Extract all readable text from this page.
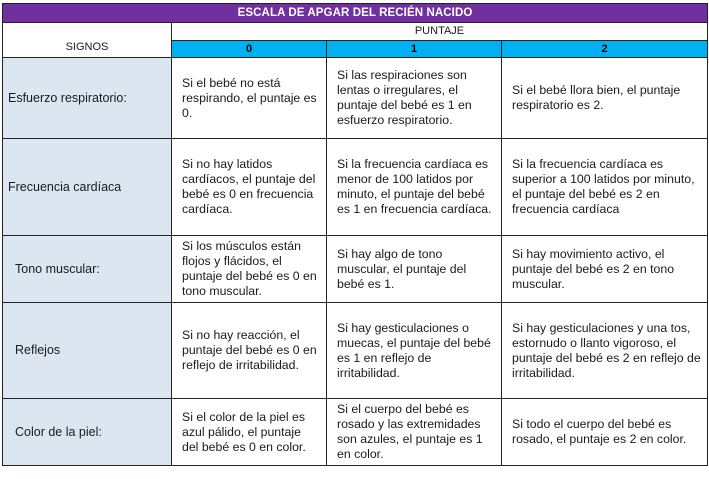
ESCALA DE APGAR DEL RECIÉN NACIDO			
SIGNOS	PUNTAJE		
	0	1	2
Esfuerzo respiratorio:	Si el bebé no está respirando, el puntaje es 0.	Si las respiraciones son lentas o irregulares, el puntaje del bebé es 1 en esfuerzo respiratorio.	Si el bebé llora bien, el puntaje respiratorio es 2.
Frecuencia cardíaca	Si no hay latidos cardíacos, el puntaje del bebé es 0 en frecuencia cardíaca.	Si la frecuencia cardíaca es menor de 100 latidos por minuto, el puntaje del bebé es 1 en frecuencia cardíaca.	Si la frecuencia cardíaca es superior a 100 latidos por minuto, el puntaje del bebé es 2 en frecuencia cardíaca
Tono muscular:	Si los músculos están flojos y flácidos, el puntaje del bebé es 0 en tono muscular.	Si hay algo de tono muscular, el puntaje del bebé es 1.	Si hay movimiento activo, el puntaje del bebé es 2 en tono muscular.
Reflejos	Si no hay reacción, el puntaje del bebé es 0 en reflejo de irritabilidad.	Si hay gesticulaciones o muecas, el puntaje del bebé es 1 en reflejo de irritabilidad.	Si hay gesticulaciones y una tos, estornudo o llanto vigoroso, el puntaje del bebé es 2 en reflejo de irritabilidad.
Color de la piel:	Si el color de la piel es azul pálido, el puntaje del bebé es 0 en color.	Si el cuerpo del bebé es rosado y las extremidades son azules, el puntaje es 1 en color.	Si todo el cuerpo del bebé es rosado, el puntaje es 2 en color.
